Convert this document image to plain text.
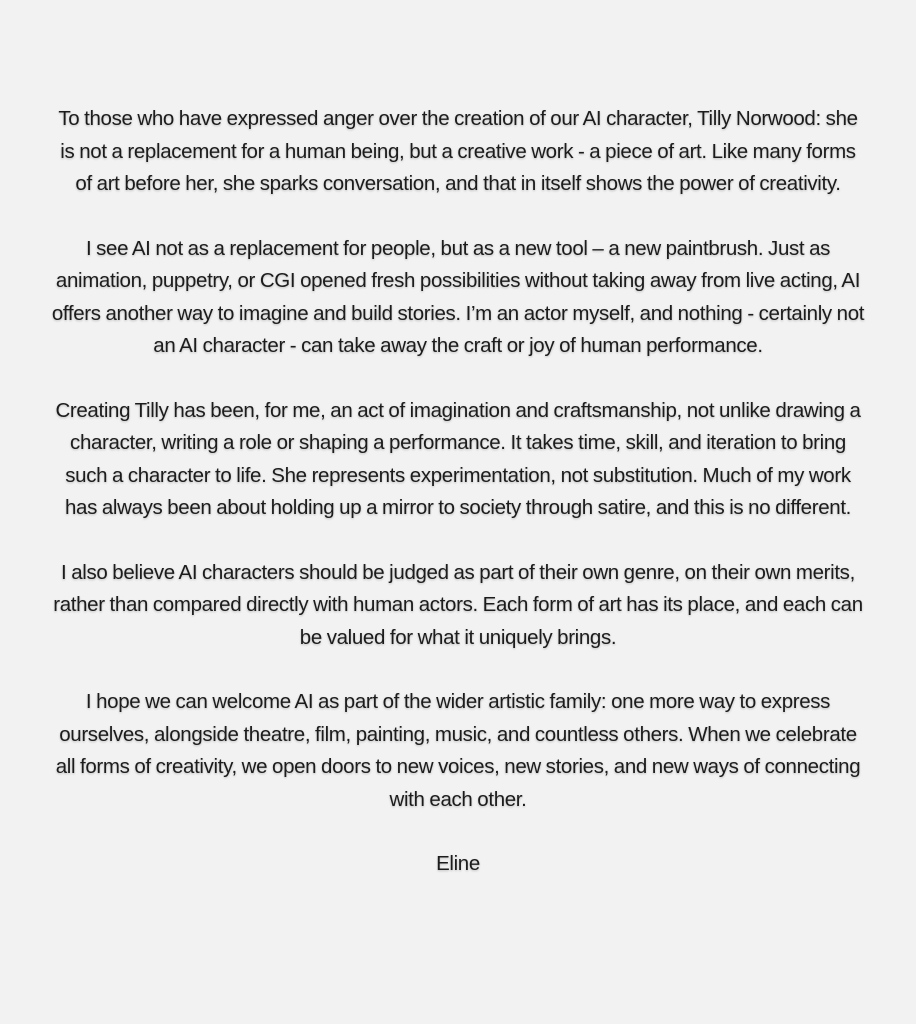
To those who have expressed anger over the creation of our AI character, Tilly Norwood: she is not a replacement for a human being, but a creative work - a piece of art. Like many forms of art before her, she sparks conversation, and that in itself shows the power of creativity.

I see AI not as a replacement for people, but as a new tool – a new paintbrush. Just as animation, puppetry, or CGI opened fresh possibilities without taking away from live acting, AI offers another way to imagine and build stories. I’m an actor myself, and nothing - certainly not an AI character - can take away the craft or joy of human performance.

Creating Tilly has been, for me, an act of imagination and craftsmanship, not unlike drawing a character, writing a role or shaping a performance. It takes time, skill, and iteration to bring such a character to life. She represents experimentation, not substitution. Much of my work has always been about holding up a mirror to society through satire, and this is no different.

I also believe AI characters should be judged as part of their own genre, on their own merits, rather than compared directly with human actors. Each form of art has its place, and each can be valued for what it uniquely brings.

I hope we can welcome AI as part of the wider artistic family: one more way to express ourselves, alongside theatre, film, painting, music, and countless others. When we celebrate all forms of creativity, we open doors to new voices, new stories, and new ways of connecting with each other.

Eline
